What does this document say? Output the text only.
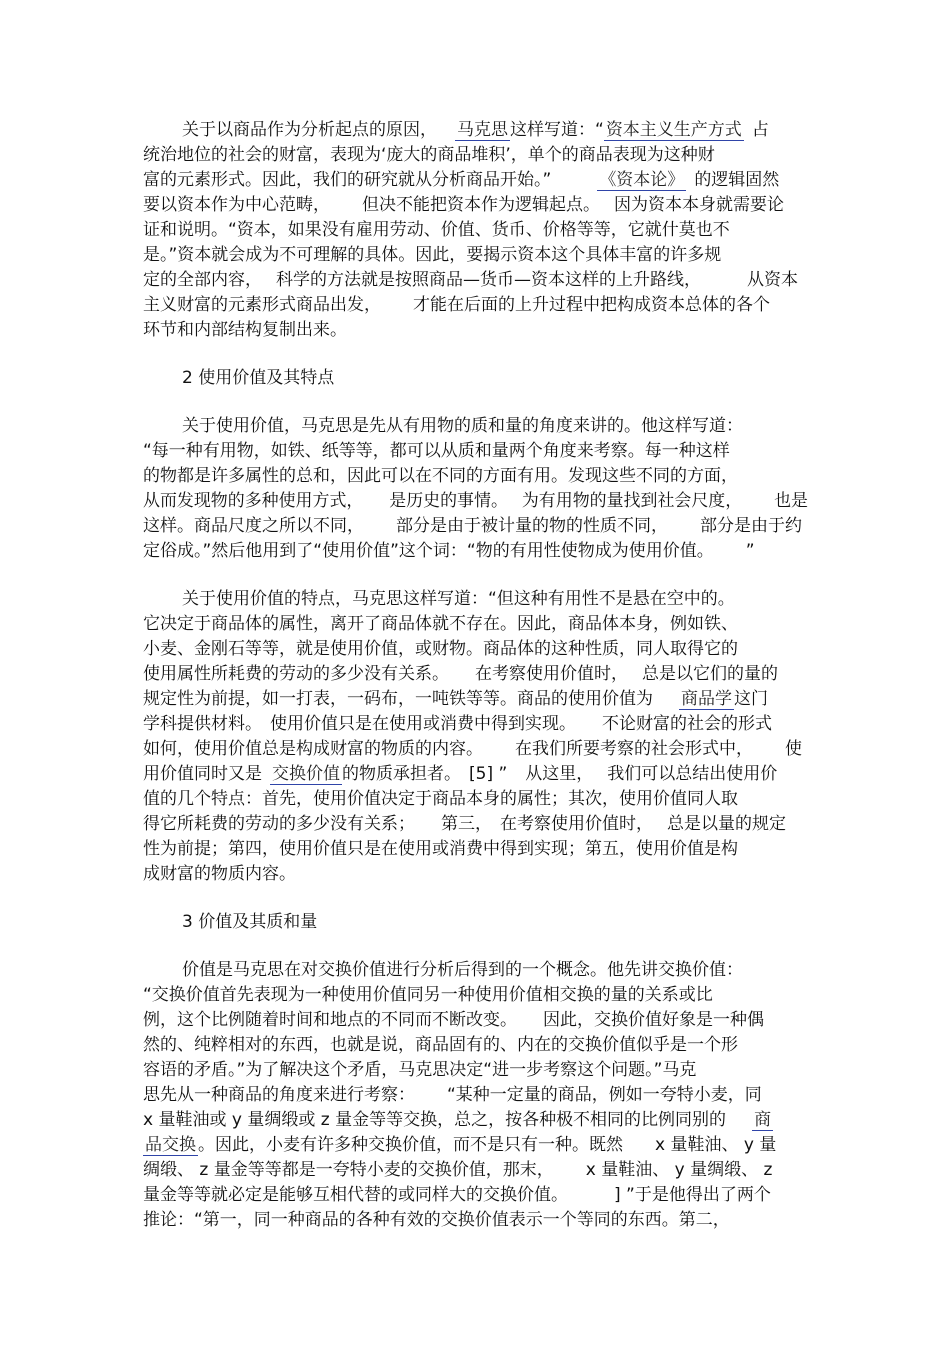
关于以商品作为分析起点的原因， 马克思 这样写道：“ 资本主义生产方式 占

统治地位的社会的财富，表现为‘庞大的商品堆积’，单个的商品表现为这种财

富的元素形式。因此，我们的研究就从分析商品开始。”	《资本论》 的逻辑固然

要以资本作为中心范畴， 但决不能把资本作为逻辑起点。 因为资本本身就需要论

证和说明。“资本，如果没有雇用劳动、价值、货币、价格等等，它就什莫也不

是。”资本就会成为不可理解的具体。因此，要揭示资本这个具体丰富的许多规

定的全部内容， 科学的方法就是按照商品—货币—资本这样的上升路线，	从资本

主义财富的元素形式商品出发， 才能在后面的上升过程中把构成资本总体的各个

环节和内部结构复制出来。

2 使用价值及其特点

关于使用价值，马克思是先从有用物的质和量的角度来讲的。他这样写道：

“每一种有用物，如铁、纸等等，都可以从质和量两个角度来考察。每一种这样

的物都是许多属性的总和，因此可以在不同的方面有用。发现这些不同的方面，

从而发现物的多种使用方式， 是历史的事情。 为有用物的量找到社会尺度， 也是

这样。商品尺度之所以不同， 部分是由于被计量的物的性质不同， 部分是由于约

定俗成。”然后他用到了“使用价值”这个词：“物的有用性使物成为使用价值。 ”

关于使用价值的特点，马克思这样写道：“但这种有用性不是悬在空中的。

它决定于商品体的属性，离开了商品体就不存在。因此，商品体本身，例如铁、

小麦、金刚石等等，就是使用价值，或财物。商品体的这种性质，同人取得它的

使用属性所耗费的劳动的多少没有关系。 在考察使用价值时， 总是以它们的量的

规定性为前提，如一打表，一码布，一吨铁等等。商品的使用价值为 商品学 这门

学科提供材料。 使用价值只是在使用或消费中得到实现。 不论财富的社会的形式

如何，使用价值总是构成财富的物质的内容。 在我们所要考察的社会形式中， 使

用价值同时又是 交换价值 的物质承担者。 [5] ” 从这里， 我们可以总结出使用价

值的几个特点：首先，使用价值决定于商品本身的属性；其次，使用价值同人取

得它所耗费的劳动的多少没有关系； 第三， 在考察使用价值时， 总是以量的规定

性为前提；第四，使用价值只是在使用或消费中得到实现；第五，使用价值是构

成财富的物质内容。

3 价值及其质和量

价值是马克思在对交换价值进行分析后得到的一个概念。他先讲交换价值：

“交换价值首先表现为一种使用价值同另一种使用价值相交换的量的关系或比

例，这个比例随着时间和地点的不同而不断改变。 因此，交换价值好象是一种偶

然的、纯粹相对的东西，也就是说，商品固有的、内在的交换价值似乎是一个形

容语的矛盾。”为了解决这个矛盾，马克思决定“进一步考察这个问题。”马克

思先从一种商品的角度来进行考察： “某种一定量的商品，例如一夸特小麦，同

x 量鞋油或 y 量绸缎或 z 量金等等交换，总之，按各种极不相同的比例同别的 商

品交换 。因此，小麦有许多种交换价值，而不是只有一种。既然 x 量鞋油、 y 量

绸缎、 z 量金等等都是一夸特小麦的交换价值，那末， x 量鞋油、 y 量绸缎、 z

量金等等就必定是能够互相代替的或同样大的交换价值。	] ”于是他得出了两个

推论：“第一，同一种商品的各种有效的交换价值表示一个等同的东西。第二，
